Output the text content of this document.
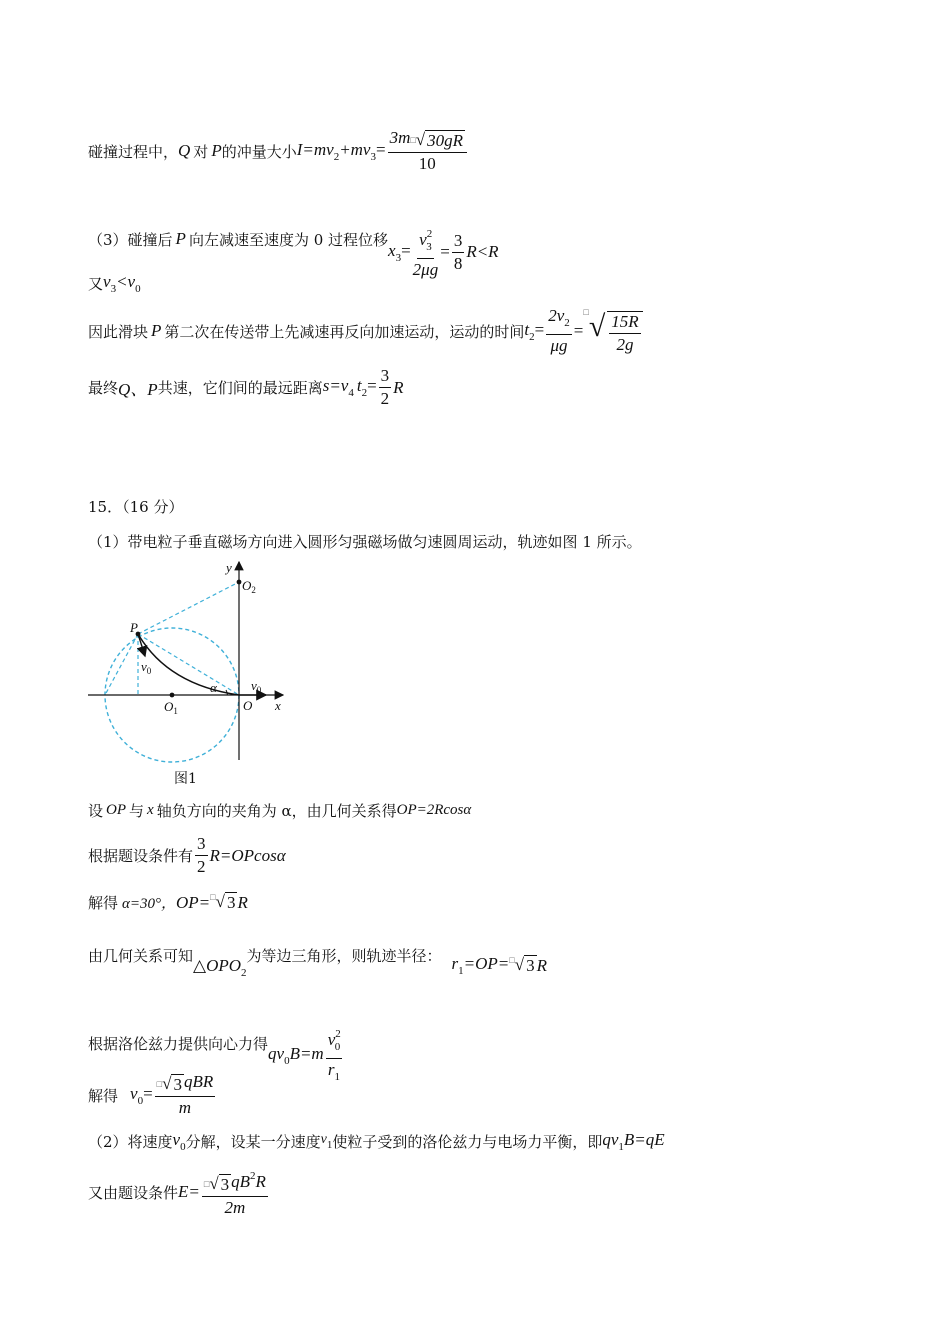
碰撞过程中， Q 对 P 的冲量大小 $I=mv_2+mv_3= \frac{3m □ √ 30gR}{10}$
（3）碰撞后 P 向左减速至速度为 0 过程位移
$x_3= \frac{v^2_3}{2\mu g} = \frac{3}{8} R<R$
又 $v_3<v_0$
因此滑块 P 第二次在传送带上先减速再反向加速运动，运动的时间 $t_2= \frac{2v_2}{\mu g}$ =
□ √ $\frac{15R}{2g}$
最终 Q、P 共速，它们间的最远距离 $s=v_4$ $t_2= \frac{3}{2}$ R
15．（16 分）
（1）带电粒子垂直磁场方向进入圆形匀强磁场做匀速圆周运动，轨迹如图 1 所示。
y
$O_2$
P
$v_0$
α	$v_0$
$O_1$	O x
图1
设 OP 与 x 轴负方向的夹角为 α，由几何关系得 OP=2Rcosα
根据题设条件有 $\frac{3}{2} R=OPcos\alpha$
解得 α=30°， OP= □ √ 3 R
由几何关系可知 $\triangle OPO_2$
为等边三角形，则轨迹半径： $r_1=OP=$ □ √ 3 R
根据洛伦兹力提供向心力得 $qv_0B=m \frac{v^2_0}{r_1}$
解得 $v_0= \frac{\text{□ √ 3 qBR}}{m}$
（2）将速度 $v_0$ 分解，设某一分速度 $v_1$ 使粒子受到的洛伦兹力与电场力平衡，即 $qv_1B=qE$
又由题设条件 $E= \frac{□ √ 3 qB^2R}{2m}$
